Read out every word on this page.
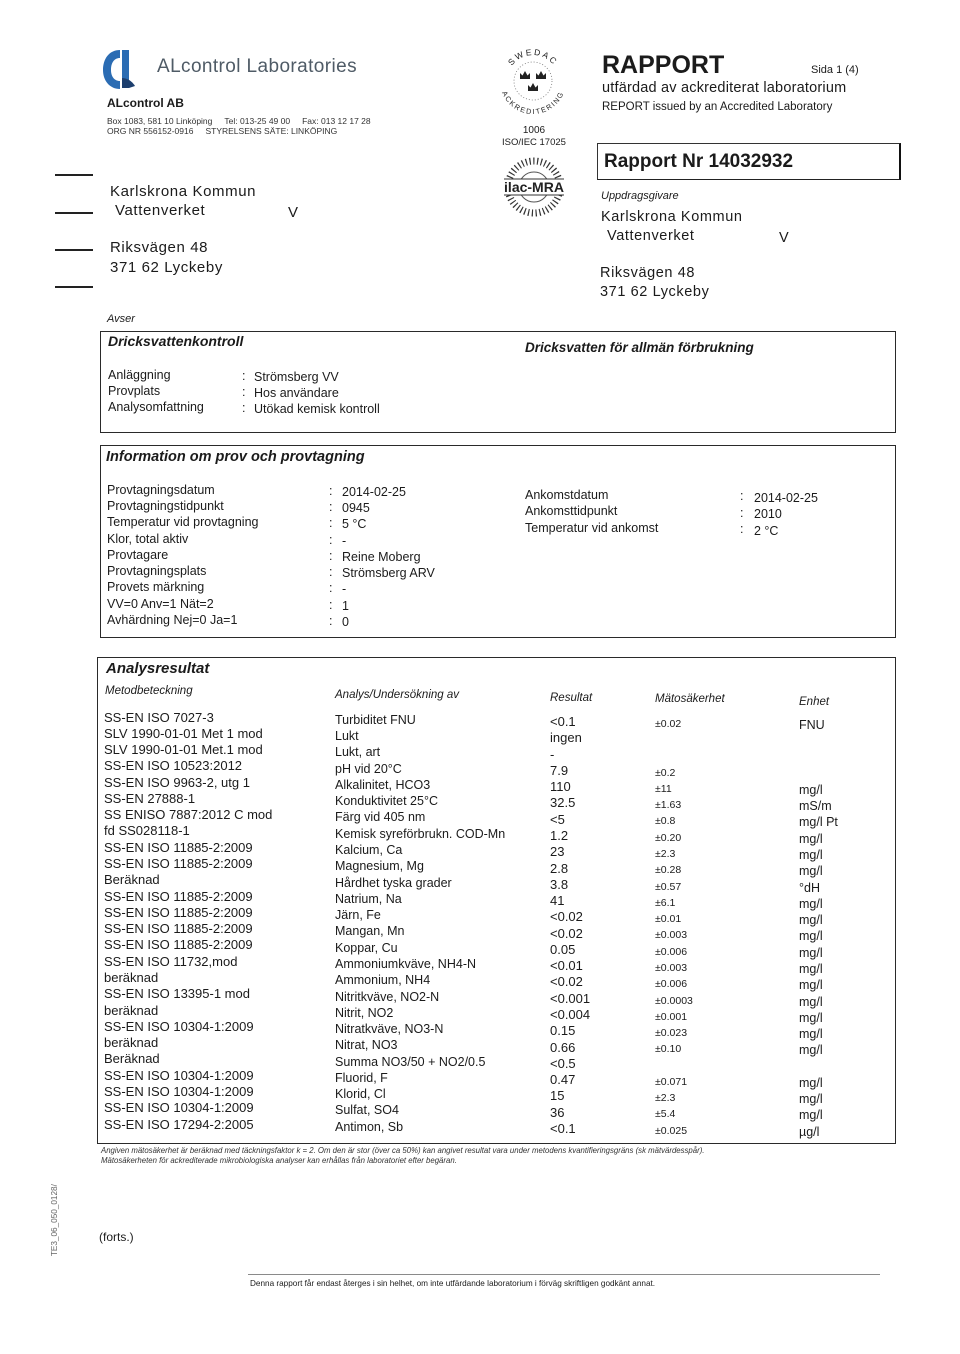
ALcontrol Laboratories
ALcontrol AB
Box 1083, 581 10 Linköping Tel: 013-25 49 00 Fax: 013 12 17 28
ORG NR 556152-0916 STYRELSENS SÄTE: LINKÖPING
SWEDAC
ACKREDITERING
1006
ISO/IEC 17025
ilac-MRA
RAPPORT	Sida 1 (4)
utfärdad av ackrediterat laboratorium
REPORT issued by an Accredited Laboratory
Rapport Nr 14032932
Karlskrona Kommun
Vattenverket	V
Riksvägen 48
371 62 Lyckeby
Uppdragsgivare
Karlskrona Kommun
Vattenverket	V
Riksvägen 48
371 62 Lyckeby
Avser
Dricksvattenkontroll	Dricksvatten för allmän förbrukning
Anläggning	: Strömsberg VV
Provplats	: Hos användare
Analysomfattning	: Utökad kemisk kontroll
Information om prov och provtagning
Provtagningsdatum	: 2014-02-25
Provtagningstidpunkt	: 0945
Temperatur vid provtagning	: 5 °C
Klor, total aktiv	: -
Provtagare	: Reine Moberg
Provtagningsplats	: Strömsberg ARV
Provets märkning	: -
VV=0 Anv=1 Nät=2	: 1
Avhärdning Nej=0 Ja=1	: 0
Ankomstdatum	: 2014-02-25
Ankomsttidpunkt	: 2010
Temperatur vid ankomst	: 2 °C
Analysresultat
Metodbeteckning	Analys/Undersökning av	Resultat	Mätosäkerhet	Enhet
SS-EN ISO 7027-3	Turbiditet FNU	<0.1	±0.02	FNU
SLV 1990-01-01 Met 1 mod	Lukt	ingen
SLV 1990-01-01 Met.1 mod	Lukt, art	-
SS-EN ISO 10523:2012	pH vid 20°C	7.9	±0.2
SS-EN ISO 9963-2, utg 1	Alkalinitet, HCO3	110	±11	mg/l
SS-EN 27888-1	Konduktivitet 25°C	32.5	±1.63	mS/m
SS ENISO 7887:2012 C mod	Färg vid 405 nm	<5	±0.8	mg/l Pt
fd SS028118-1	Kemisk syreförbrukn. COD-Mn	1.2	±0.20	mg/l
SS-EN ISO 11885-2:2009	Kalcium, Ca	23	±2.3	mg/l
SS-EN ISO 11885-2:2009	Magnesium, Mg	2.8	±0.28	mg/l
Beräknad	Hårdhet tyska grader	3.8	±0.57	°dH
SS-EN ISO 11885-2:2009	Natrium, Na	41	±6.1	mg/l
SS-EN ISO 11885-2:2009	Järn, Fe	<0.02	±0.01	mg/l
SS-EN ISO 11885-2:2009	Mangan, Mn	<0.02	±0.003	mg/l
SS-EN ISO 11885-2:2009	Koppar, Cu	0.05	±0.006	mg/l
SS-EN ISO 11732,mod	Ammoniumkväve, NH4-N	<0.01	±0.003	mg/l
beräknad	Ammonium, NH4	<0.02	±0.006	mg/l
SS-EN ISO 13395-1 mod	Nitritkväve, NO2-N	<0.001	±0.0003	mg/l
beräknad	Nitrit, NO2	<0.004	±0.001	mg/l
SS-EN ISO 10304-1:2009	Nitratkväve, NO3-N	0.15	±0.023	mg/l
beräknad	Nitrat, NO3	0.66	±0.10	mg/l
Beräknad	Summa NO3/50 + NO2/0.5	<0.5
SS-EN ISO 10304-1:2009	Fluorid, F	0.47	±0.071	mg/l
SS-EN ISO 10304-1:2009	Klorid, Cl	15	±2.3	mg/l
SS-EN ISO 10304-1:2009	Sulfat, SO4	36	±5.4	mg/l
SS-EN ISO 17294-2:2005	Antimon, Sb	<0.1	±0.025	µg/l
Angiven mätosäkerhet är beräknad med täckningsfaktor k = 2. Om den är stor (över ca 50%) kan angivet resultat vara under metodens kvantifieringsgräns (sk mätvärdesspår).
Mätosäkerheten för ackrediterade mikrobiologiska analyser kan erhållas från laboratoriet efter begäran.
TE3_06_050_0128/	(forts.)
Denna rapport får endast återges i sin helhet, om inte utfärdande laboratorium i förväg skriftligen godkänt annat.
